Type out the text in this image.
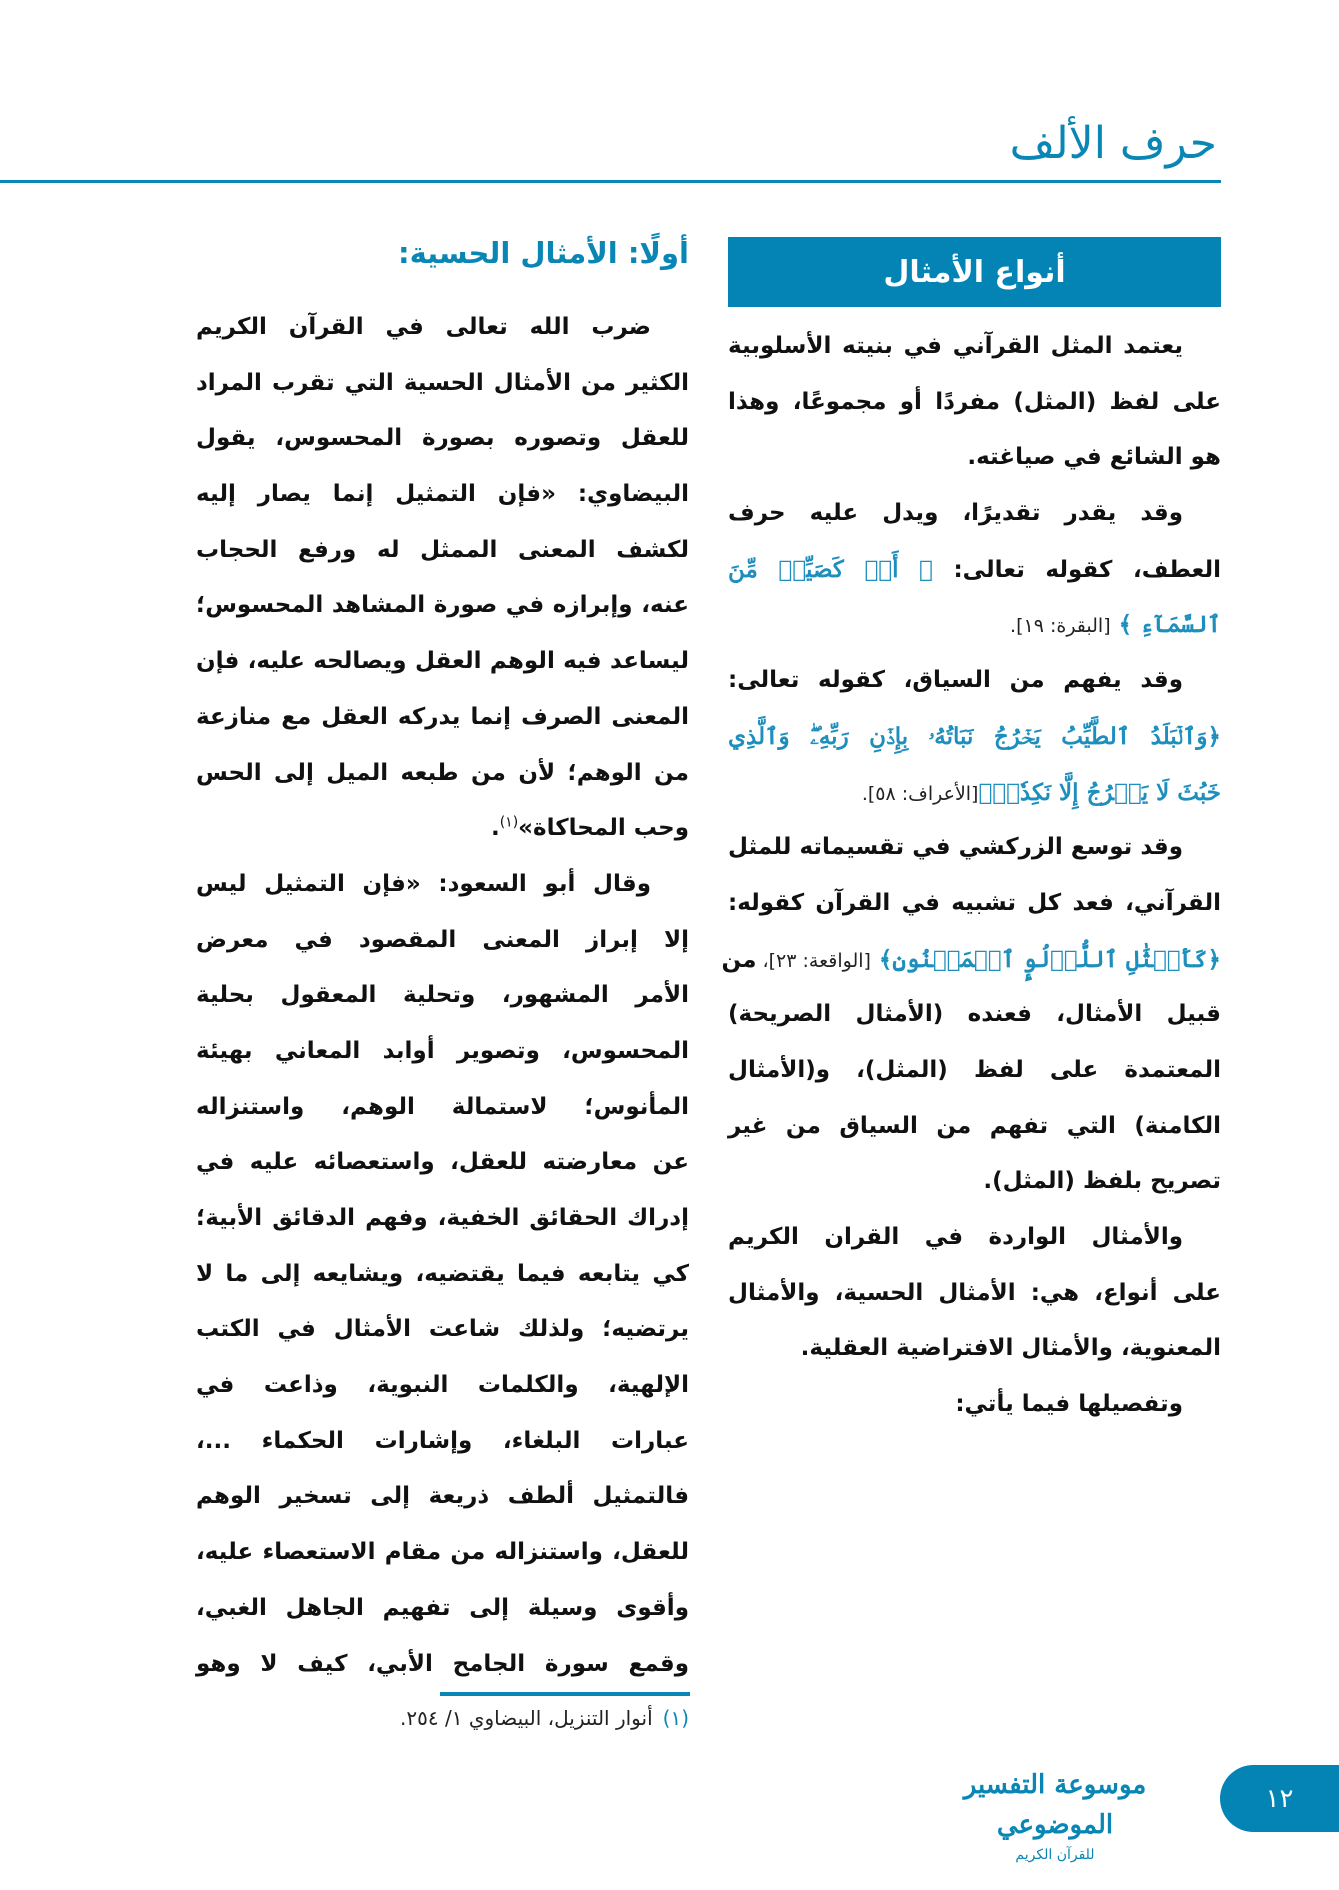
حرف الألف
أنواع الأمثال
يعتمد المثل القرآني في بنيته الأسلوبية
على لفظ (المثل) مفردًا أو مجموعًا، وهذا
هو الشائع في صياغته.
وقد يقدر تقديرًا، ويدل عليه حرف
العطف، كقوله تعالى: ﴿ أَوۡ كَصَيِّبٖ مِّنَ
ٱلسَّمَآءِ ﴾ [البقرة: ١٩].
وقد يفهم من السياق، كقوله تعالى:
﴿وَٱلۡبَلَدُ ٱلطَّيِّبُ يَخۡرُجُ نَبَاتُهُۥ بِإِذۡنِ رَبِّهِۦۖ وَٱلَّذِي
خَبُثَ لَا يَخۡرُجُ إِلَّا نَكِدٗاۚ﴾[الأعراف: ٥٨].
وقد توسع الزركشي في تقسيماته للمثل
القرآني، فعد كل تشبيه في القرآن كقوله:
﴿كَأَمۡثَٰلِ ٱللُّؤۡلُوِٕ ٱلۡمَكۡنُونِ﴾ [الواقعة: ٢٣]، من
قبيل الأمثال، فعنده (الأمثال الصريحة)
المعتمدة على لفظ (المثل)، و(الأمثال
الكامنة) التي تفهم من السياق من غير
تصريح بلفظ (المثل).
والأمثال الواردة في القران الكريم
على أنواع، هي: الأمثال الحسية، والأمثال
المعنوية، والأمثال الافتراضية العقلية.
وتفصيلها فيما يأتي:
أولًا: الأمثال الحسية:
ضرب الله تعالى في القرآن الكريم
الكثير من الأمثال الحسية التي تقرب المراد
للعقل وتصوره بصورة المحسوس، يقول
البيضاوي: «فإن التمثيل إنما يصار إليه
لكشف المعنى الممثل له ورفع الحجاب
عنه، وإبرازه في صورة المشاهد المحسوس؛
ليساعد فيه الوهم العقل ويصالحه عليه، فإن
المعنى الصرف إنما يدركه العقل مع منازعة
من الوهم؛ لأن من طبعه الميل إلى الحس
وحب المحاكاة»$^{(١)}$.
وقال أبو السعود: «فإن التمثيل ليس
إلا إبراز المعنى المقصود في معرض
الأمر المشهور، وتحلية المعقول بحلية
المحسوس، وتصوير أوابد المعاني بهيئة
المأنوس؛ لاستمالة الوهم، واستنزاله
عن معارضته للعقل، واستعصائه عليه في
إدراك الحقائق الخفية، وفهم الدقائق الأبية؛
كي يتابعه فيما يقتضيه، ويشايعه إلى ما لا
يرتضيه؛ ولذلك شاعت الأمثال في الكتب
الإلهية، والكلمات النبوية، وذاعت في
عبارات البلغاء، وإشارات الحكماء ...،
فالتمثيل ألطف ذريعة إلى تسخير الوهم
للعقل، واستنزاله من مقام الاستعصاء عليه،
وأقوى وسيلة إلى تفهيم الجاهل الغبي،
وقمع سورة الجامح الأبي، كيف لا وهو
(١)أنوار التنزيل، البيضاوي ١/ ٢٥٤.
موسوعة التفسير الموضوعي
للقرآن الكريم
١٢
